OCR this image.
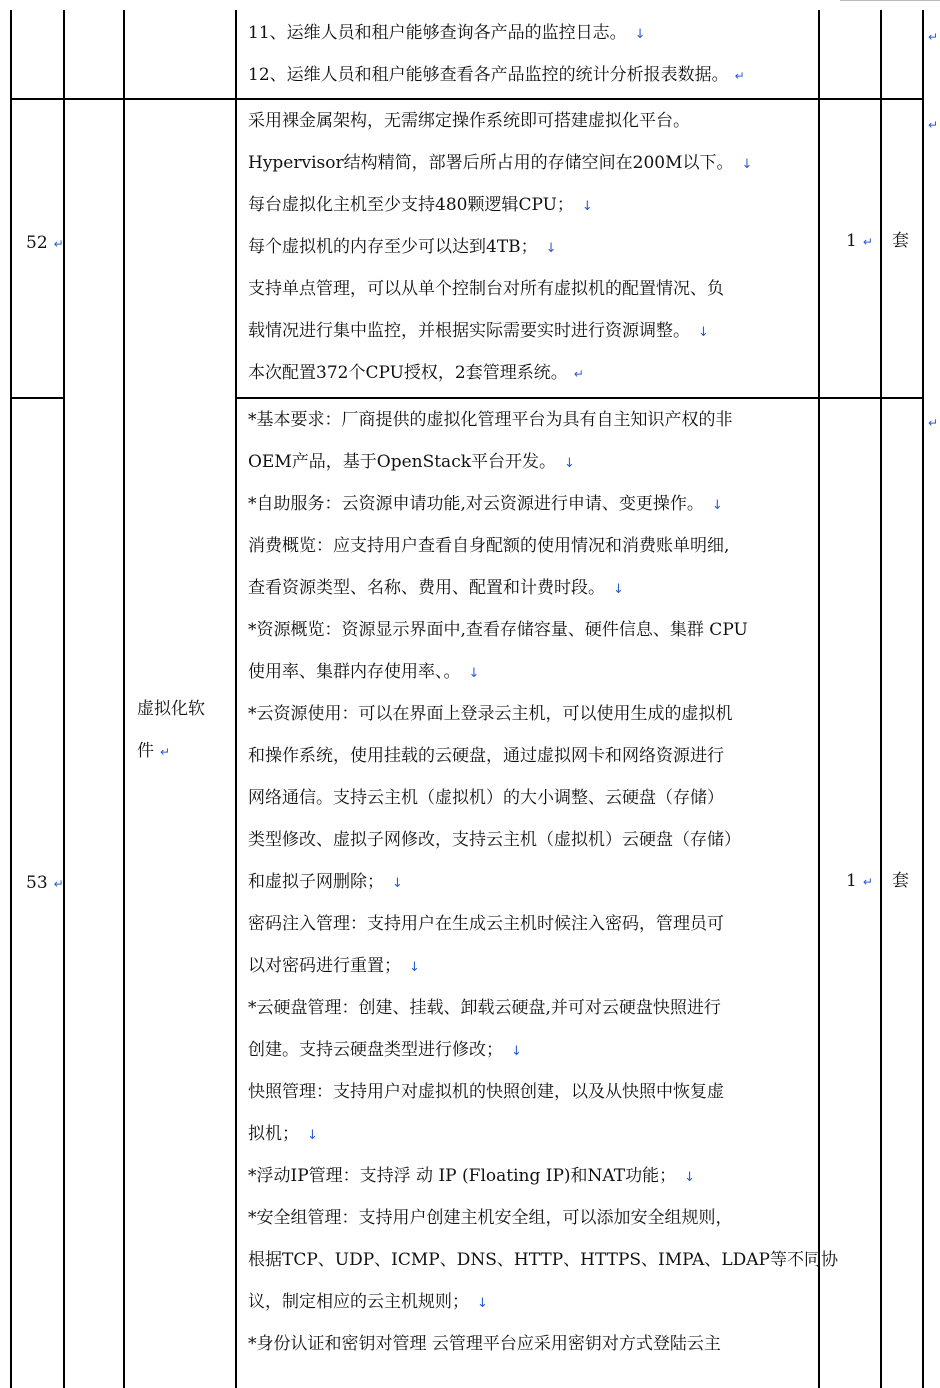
11、运维人员和租户能够查询各产品的监控日志。 ↓
12、运维人员和租户能够查看各产品监控的统计分析报表数据。 ↵
↵
52 ↵
采用裸金属架构，无需绑定操作系统即可搭建虚拟化平台。
Hypervisor结构精简，部署后所占用的存储空间在200M以下。 ↓
每台虚拟化主机至少支持480颗逻辑CPU； ↓
每个虚拟机的内存至少可以达到4TB； ↓
支持单点管理，可以从单个控制台对所有虚拟机的配置情况、负
载情况进行集中监控，并根据实际需要实时进行资源调整。 ↓
本次配置372个CPU授权，2套管理系统。 ↵
1 ↵ 套
↵
53 ↵
虚拟化软
件 ↵
*基本要求：厂商提供的虚拟化管理平台为具有自主知识产权的非
OEM产品，基于OpenStack平台开发。 ↓
*自助服务：云资源申请功能,对云资源进行申请、变更操作。 ↓
消费概览：应支持用户查看自身配额的使用情况和消费账单明细,
查看资源类型、名称、费用、配置和计费时段。 ↓
*资源概览：资源显示界面中,查看存储容量、硬件信息、集群 CPU
使用率、集群内存使用率、。 ↓
*云资源使用：可以在界面上登录云主机，可以使用生成的虚拟机
和操作系统，使用挂载的云硬盘，通过虚拟网卡和网络资源进行
网络通信。支持云主机（虚拟机）的大小调整、云硬盘（存储）
类型修改、虚拟子网修改，支持云主机（虚拟机）云硬盘（存储）
和虚拟子网删除； ↓
密码注入管理：支持用户在生成云主机时候注入密码，管理员可
以对密码进行重置； ↓
*云硬盘管理：创建、挂载、卸载云硬盘,并可对云硬盘快照进行
创建。支持云硬盘类型进行修改； ↓
快照管理：支持用户对虚拟机的快照创建，以及从快照中恢复虚
拟机； ↓
*浮动IP管理：支持浮 动 IP (Floating IP)和NAT功能； ↓
*安全组管理：支持用户创建主机安全组，可以添加安全组规则，
根据TCP、UDP、ICMP、DNS、HTTP、HTTPS、IMPA、LDAP等不同协
议，制定相应的云主机规则； ↓
*身份认证和密钥对管理 云管理平台应采用密钥对方式登陆云主
1 ↵ 套
↵
